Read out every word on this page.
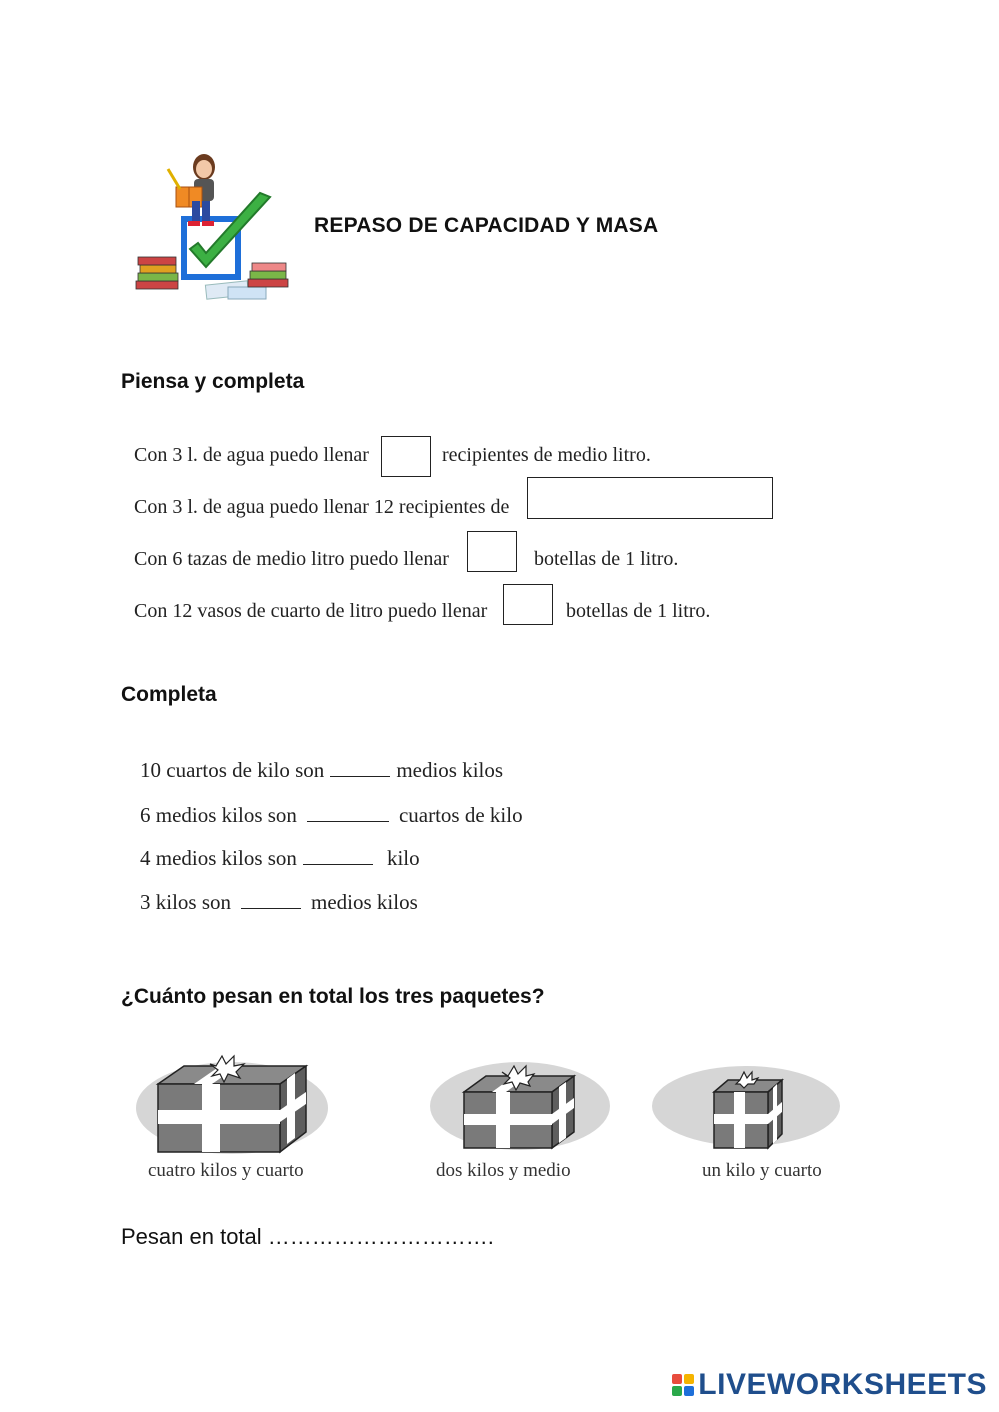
REPASO DE CAPACIDAD Y MASA
Piensa y completa
Con 3 l. de agua puedo llenar	recipientes de medio litro.
Con 3 l. de agua puedo llenar 12 recipientes de
Con 6 tazas de medio litro puedo llenar	botellas de 1 litro.
Con 12 vasos de cuarto de litro puedo llenar	botellas de 1 litro.
Completa
10 cuartos de kilo son	medios kilos
6 medios kilos son	cuartos de kilo
4 medios kilos son	kilo
3 kilos son	medios kilos
¿Cuánto pesan en total los tres paquetes?
cuatro kilos y cuarto	dos kilos y medio	un kilo y cuarto
Pesan en total ………………………….
LIVEWORKSHEETS
